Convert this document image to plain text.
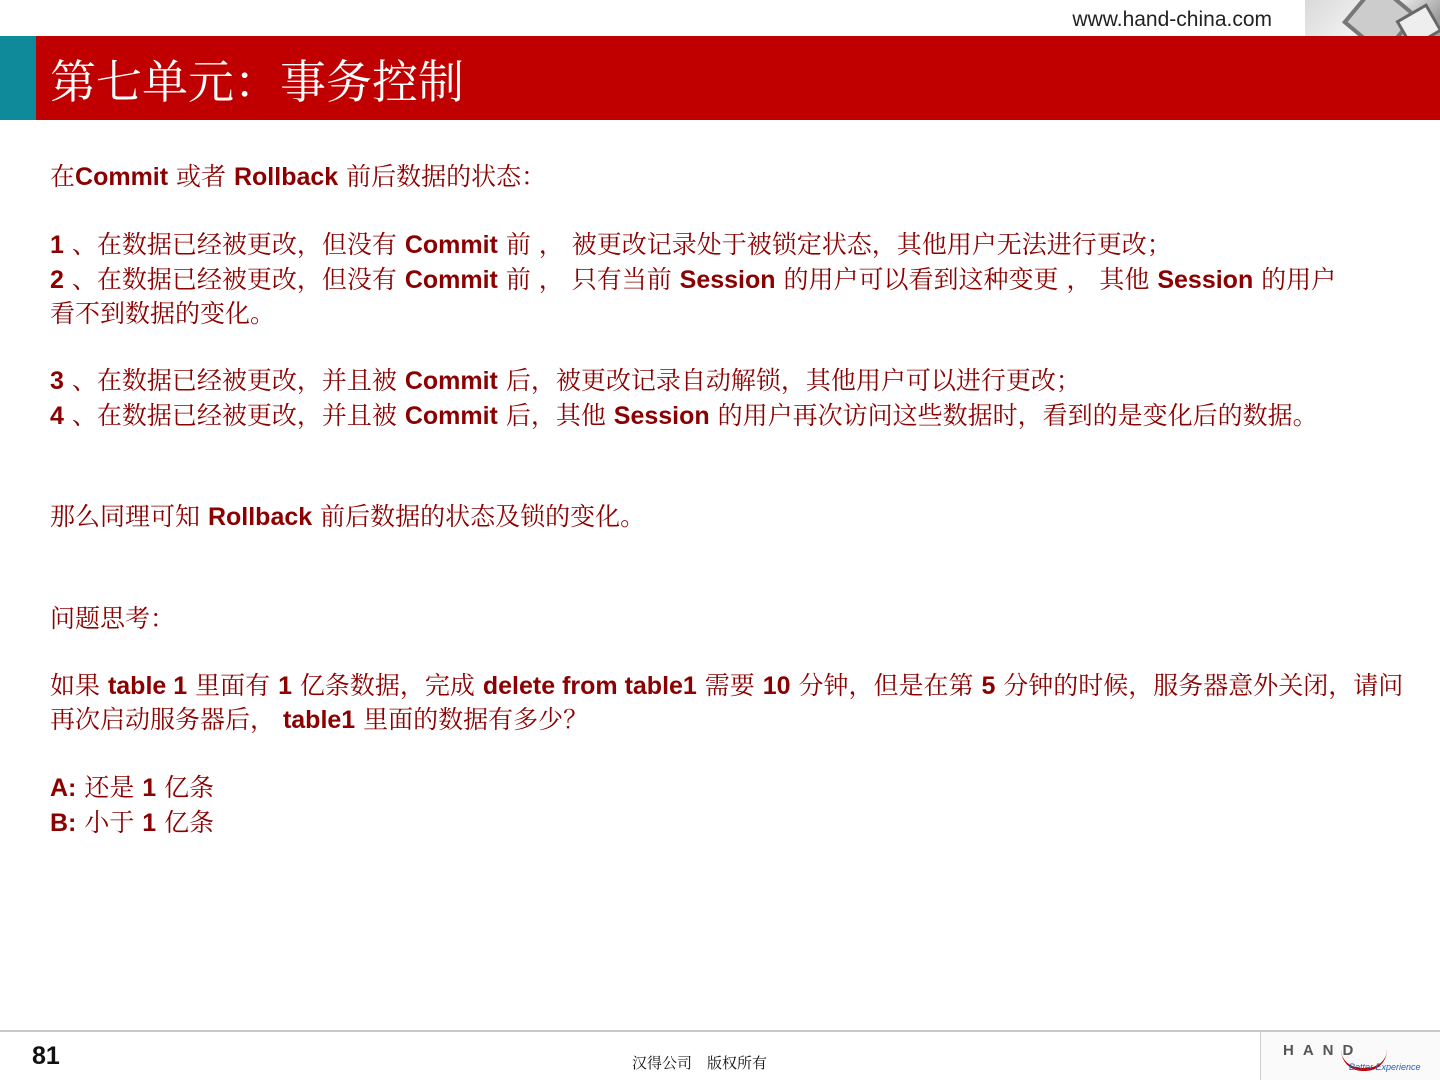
www.hand-china.com
第七单元：事务控制

在Commit 或者 Rollback 前后数据的状态：

1 、在数据已经被更改，但没有 Commit 前 ， 被更改记录处于被锁定状态，其他用户无法进行更改；

2 、在数据已经被更改，但没有 Commit 前 ， 只有当前 Session 的用户可以看到这种变更 ， 其他 Session 的用户

看不到数据的变化。

3 、在数据已经被更改，并且被 Commit 后，被更改记录自动解锁，其他用户可以进行更改；

4 、在数据已经被更改，并且被 Commit 后，其他 Session 的用户再次访问这些数据时，看到的是变化后的数据。

那么同理可知 Rollback 前后数据的状态及锁的变化。

问题思考：

如果 table 1 里面有 1 亿条数据，完成 delete from table1 需要 10 分钟，但是在第 5 分钟的时候，服务器意外关闭，请问再次启动服务器后， table1 里面的数据有多少？

A: 还是 1 亿条

B: 小于 1 亿条

81	汉得公司　版权所有
HAND
Better Experience
